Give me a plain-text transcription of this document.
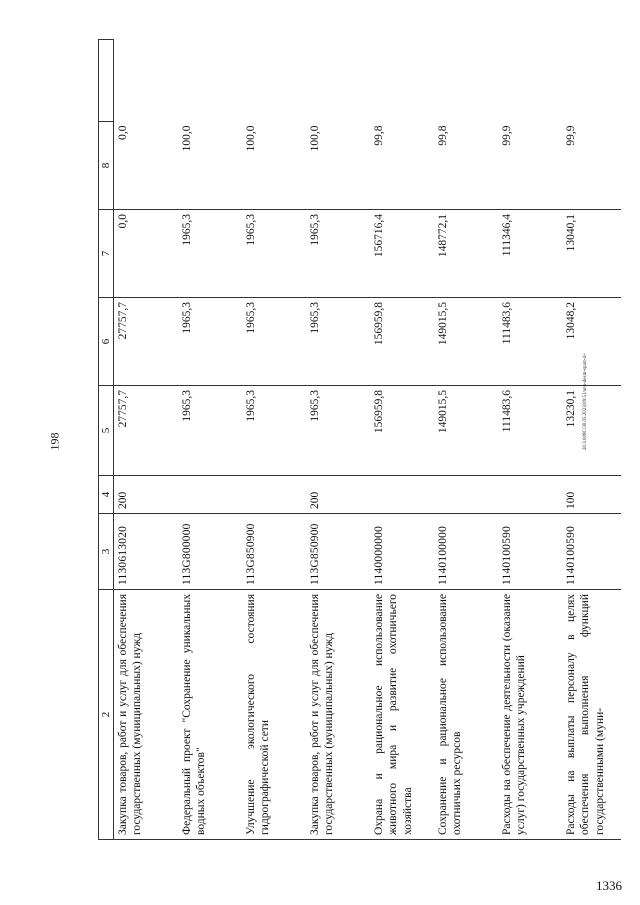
198
2	3	4	5	6	7	8	
Закупка товаров, работ и услуг для обеспечения государственных (муниципальных) нужд	1130613020	200	27757,7	27757,7	0,0	0,0	
Федеральный проект "Сохранение уникальных водных объектов"	113G800000		1965,3	1965,3	1965,3	100,0	
Улучшение экологического состояния гидрографической сети	113G850900		1965,3	1965,3	1965,3	100,0	
Закупка товаров, работ и услуг для обеспечения государственных (муниципальных) нужд	113G850900	200	1965,3	1965,3	1965,3	100,0	
Охрана и рациональное использование животного мира и развитие охотничьего хозяйства	1140000000		156959,8	156959,8	156716,4	99,8	
Сохранение и рациональное использование охотничьих ресурсов	1140100000		149015,5	149015,5	148772,1	99,8	
Расходы на обеспечение деятельности (оказание услуг) государственных учреждений	1140100590		111483,6	111483,6	111346,4	99,9	
Расходы на выплаты персоналу в целях обеспечения выполнения функций государственными (муни-	1140100590	100	13230,1	13048,2	13040,1	99,9	
20.3.008C/30.05.2023/09:51/ann-desin-spart-4+
1336
